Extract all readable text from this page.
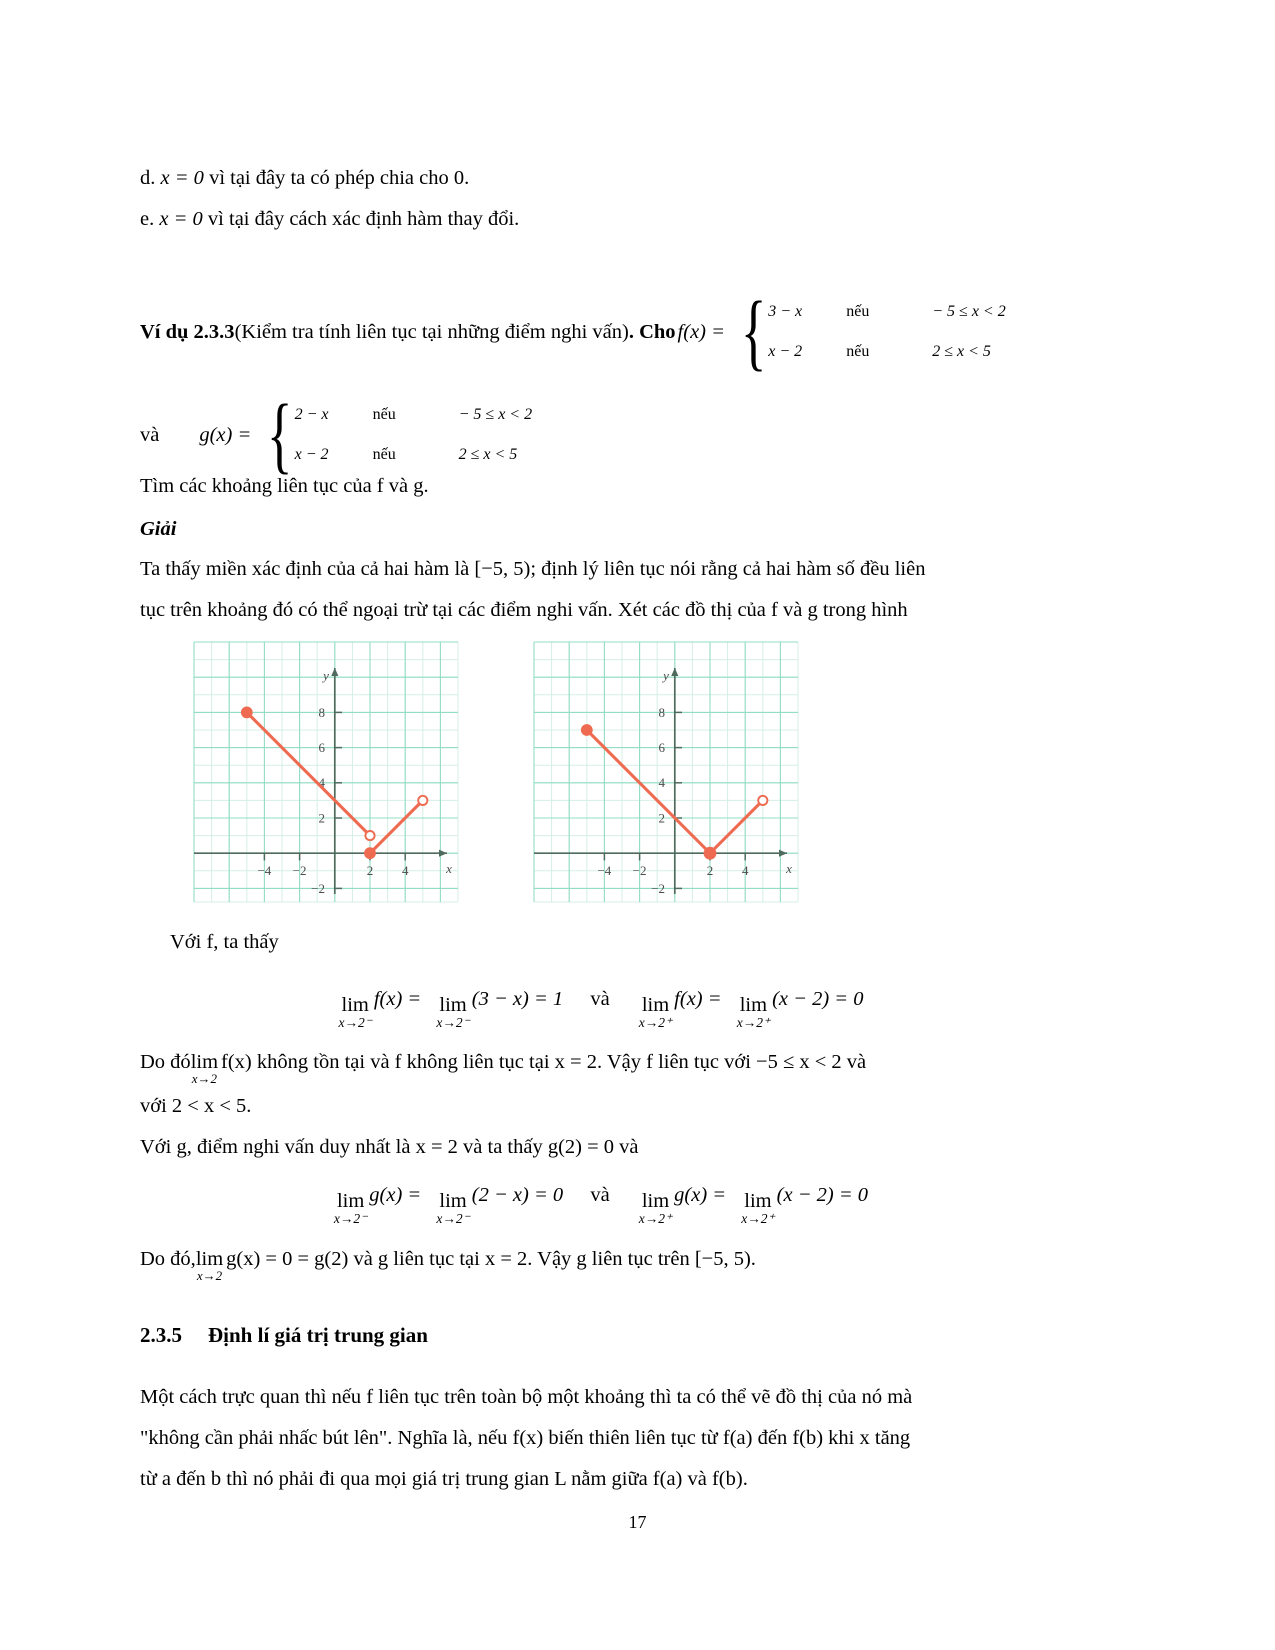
d. x = 0 vì tại đây ta có phép chia cho 0.
e. x = 0 vì tại đây cách xác định hàm thay đổi.
Ví dụ 2.3.3 (Kiểm tra tính liên tục tại những điểm nghi vấn) . Cho f(x) = { 3 − x	nếu	− 5 ≤ x < 2
x − 2	nếu	2 ≤ x < 5
và g(x) = { 2 − x	nếu	− 5 ≤ x < 2
x − 2	nếu	2 ≤ x < 5
Tìm các khoảng liên tục của f và g.
Giải
Ta thấy miền xác định của cả hai hàm là [−5, 5); định lý liên tục nói rằng cả hai hàm số đều liên
tục trên khoảng đó có thể ngoại trừ tại các điểm nghi vấn. Xét các đồ thị của f và g trong hình
8
6
4
2
−2
−4 −2	2 4
y
x
8
6
4
2
−2
−4 −2	2 4
y
x
Với f, ta thấy
lim
x→2⁻
f(x) = lim
x→2⁻
(3 − x) = 1 và lim
x→2⁺
f(x) = lim
x→2⁺
(x − 2) = 0
Do đó lim
x→2
f(x) không tồn tại và f không liên tục tại x = 2. Vậy f liên tục với −5 ≤ x < 2 và
với 2 < x < 5.
Với g, điểm nghi vấn duy nhất là x = 2 và ta thấy g(2) = 0 và
lim
x→2⁻
g(x) = lim
x→2⁻
(2 − x) = 0 và lim
x→2⁺
g(x) = lim
x→2⁺
(x − 2) = 0
Do đó, lim
x→2
g(x) = 0 = g(2) và g liên tục tại x = 2. Vậy g liên tục trên [−5, 5).
2.3.5 Định lí giá trị trung gian
Một cách trực quan thì nếu f liên tục trên toàn bộ một khoảng thì ta có thể vẽ đồ thị của nó mà
"không cần phải nhấc bút lên". Nghĩa là, nếu f(x) biến thiên liên tục từ f(a) đến f(b) khi x tăng
từ a đến b thì nó phải đi qua mọi giá trị trung gian L nằm giữa f(a) và f(b).
17
